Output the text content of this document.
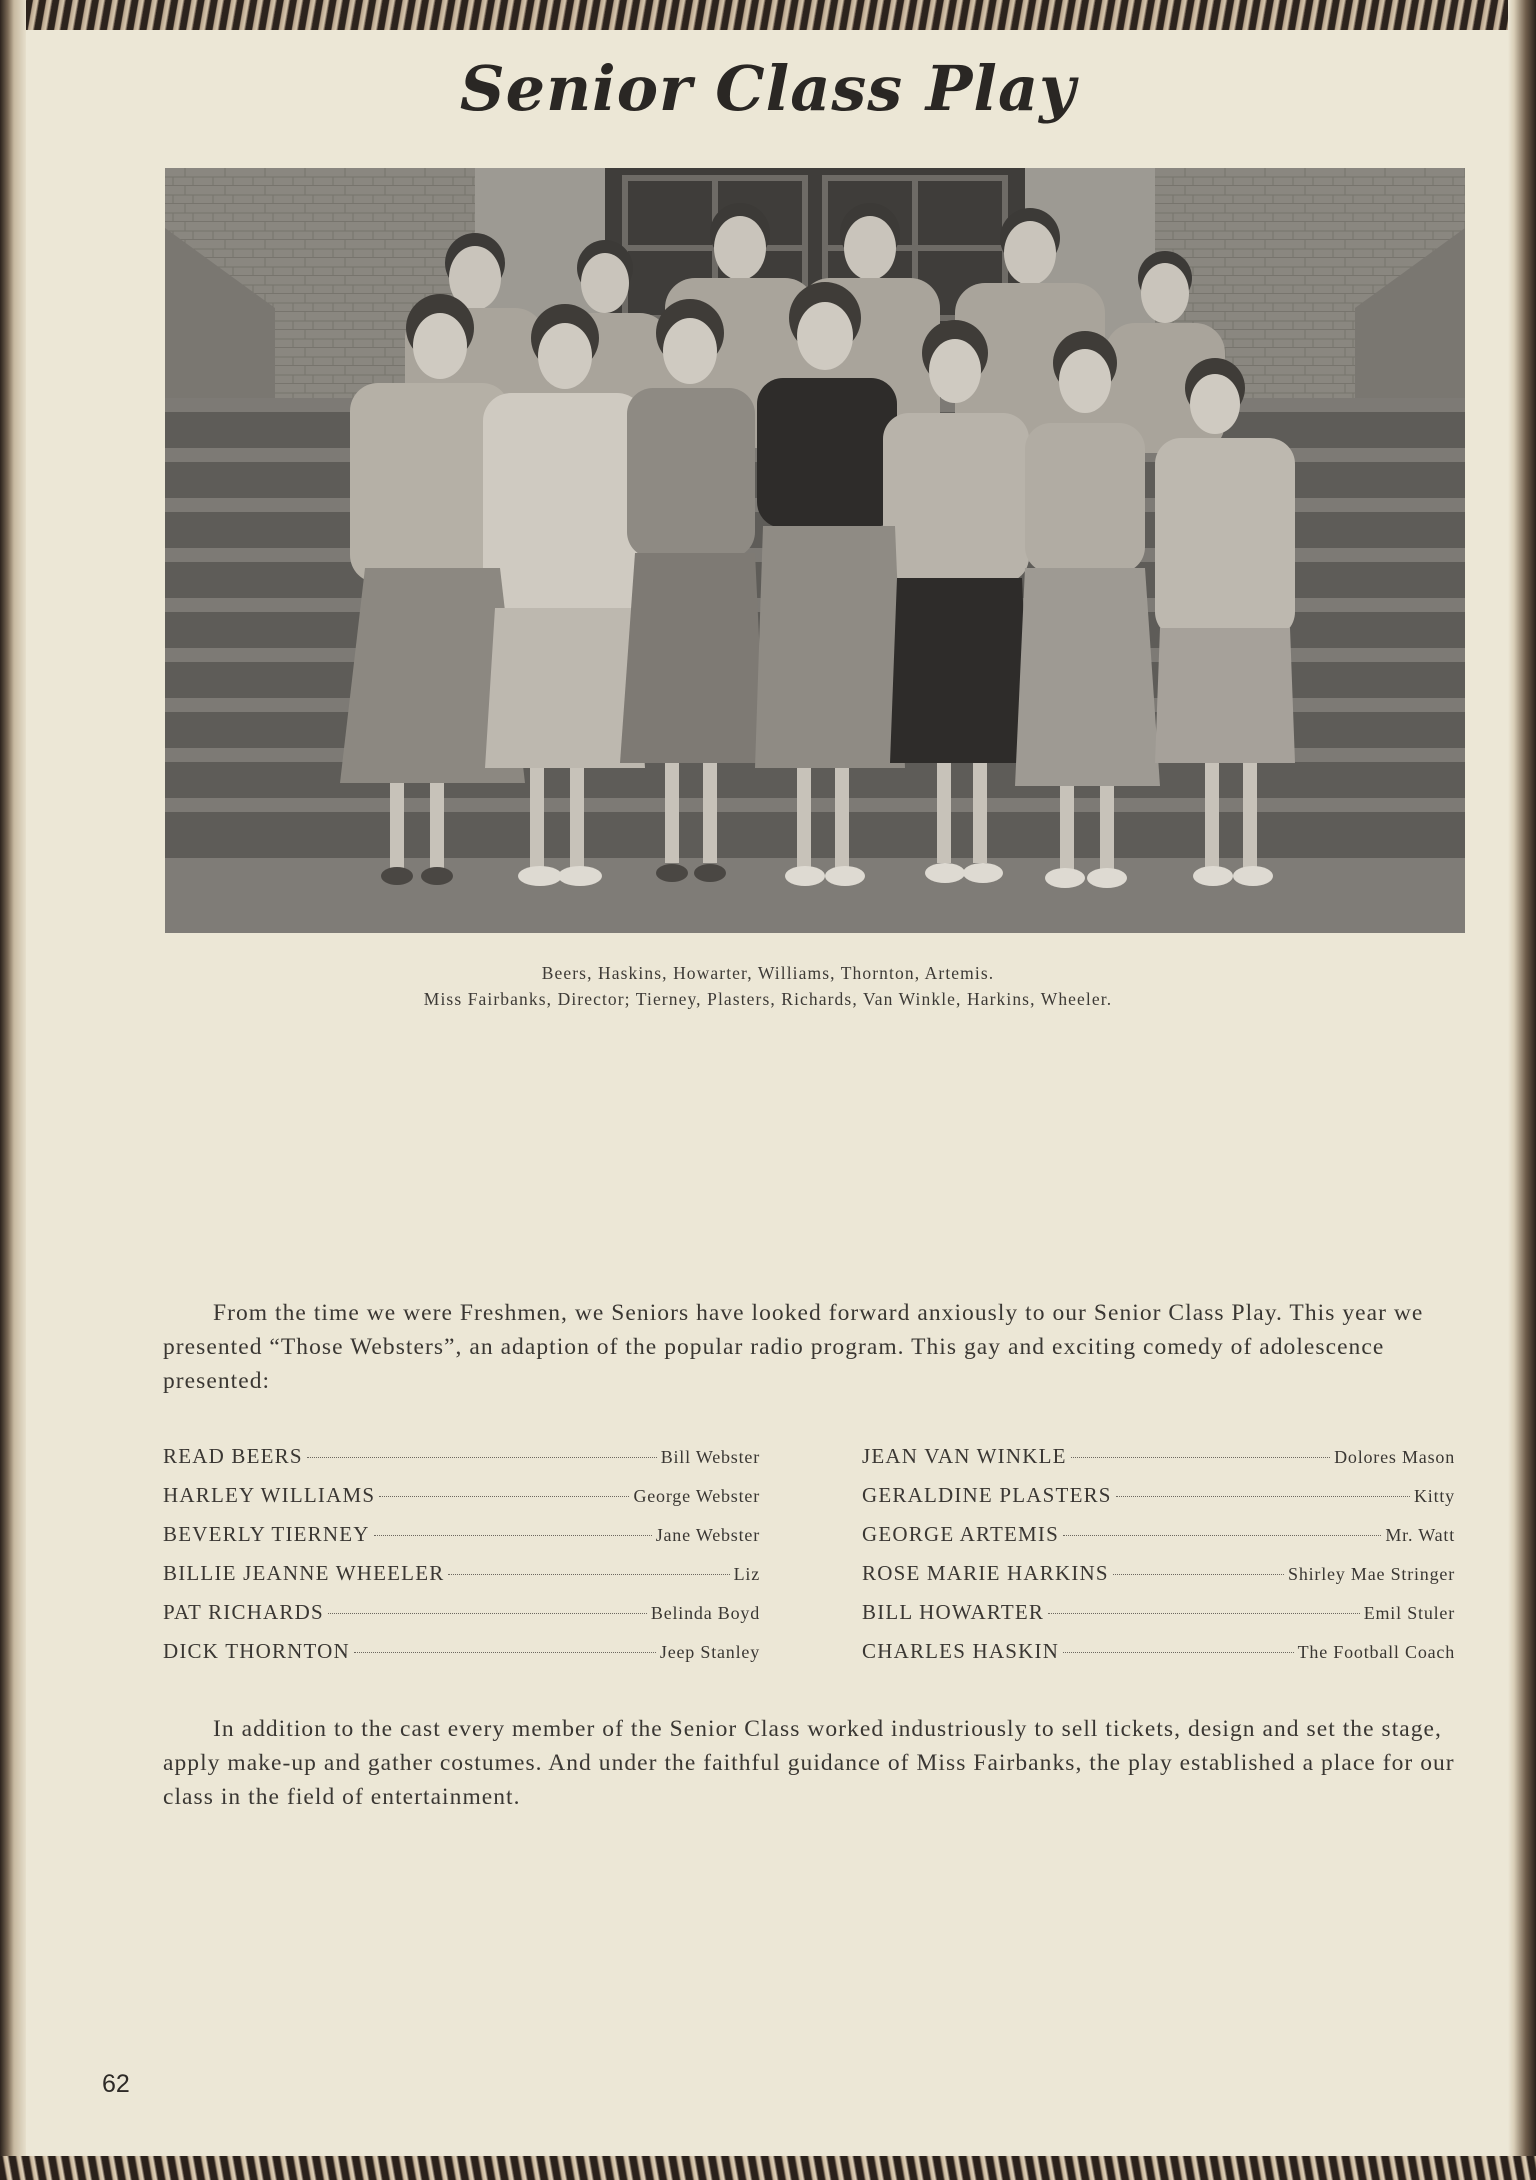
Senior Class Play
Beers, Haskins, Howarter, Williams, Thornton, Artemis.
Miss Fairbanks, Director; Tierney, Plasters, Richards, Van Winkle, Harkins, Wheeler.

From the time we were Freshmen, we Seniors have looked forward anxiously to our Senior Class Play. This year we presented “Those Websters”, an adaption of the popular radio program. This gay and exciting comedy of adolescence presented:

READ BEERS	Bill Webster
HARLEY WILLIAMS	George Webster
BEVERLY TIERNEY	Jane Webster
BILLIE JEANNE WHEELER	Liz
PAT RICHARDS	Belinda Boyd
DICK THORNTON	Jeep Stanley
JEAN VAN WINKLE	Dolores Mason
GERALDINE PLASTERS	Kitty
GEORGE ARTEMIS	Mr. Watt
ROSE MARIE HARKINS	Shirley Mae Stringer
BILL HOWARTER	Emil Stuler
CHARLES HASKIN	The Football Coach

In addition to the cast every member of the Senior Class worked industriously to sell tickets, design and set the stage, apply make-up and gather costumes. And under the faithful guidance of Miss Fairbanks, the play established a place for our class in the field of entertainment.

62
